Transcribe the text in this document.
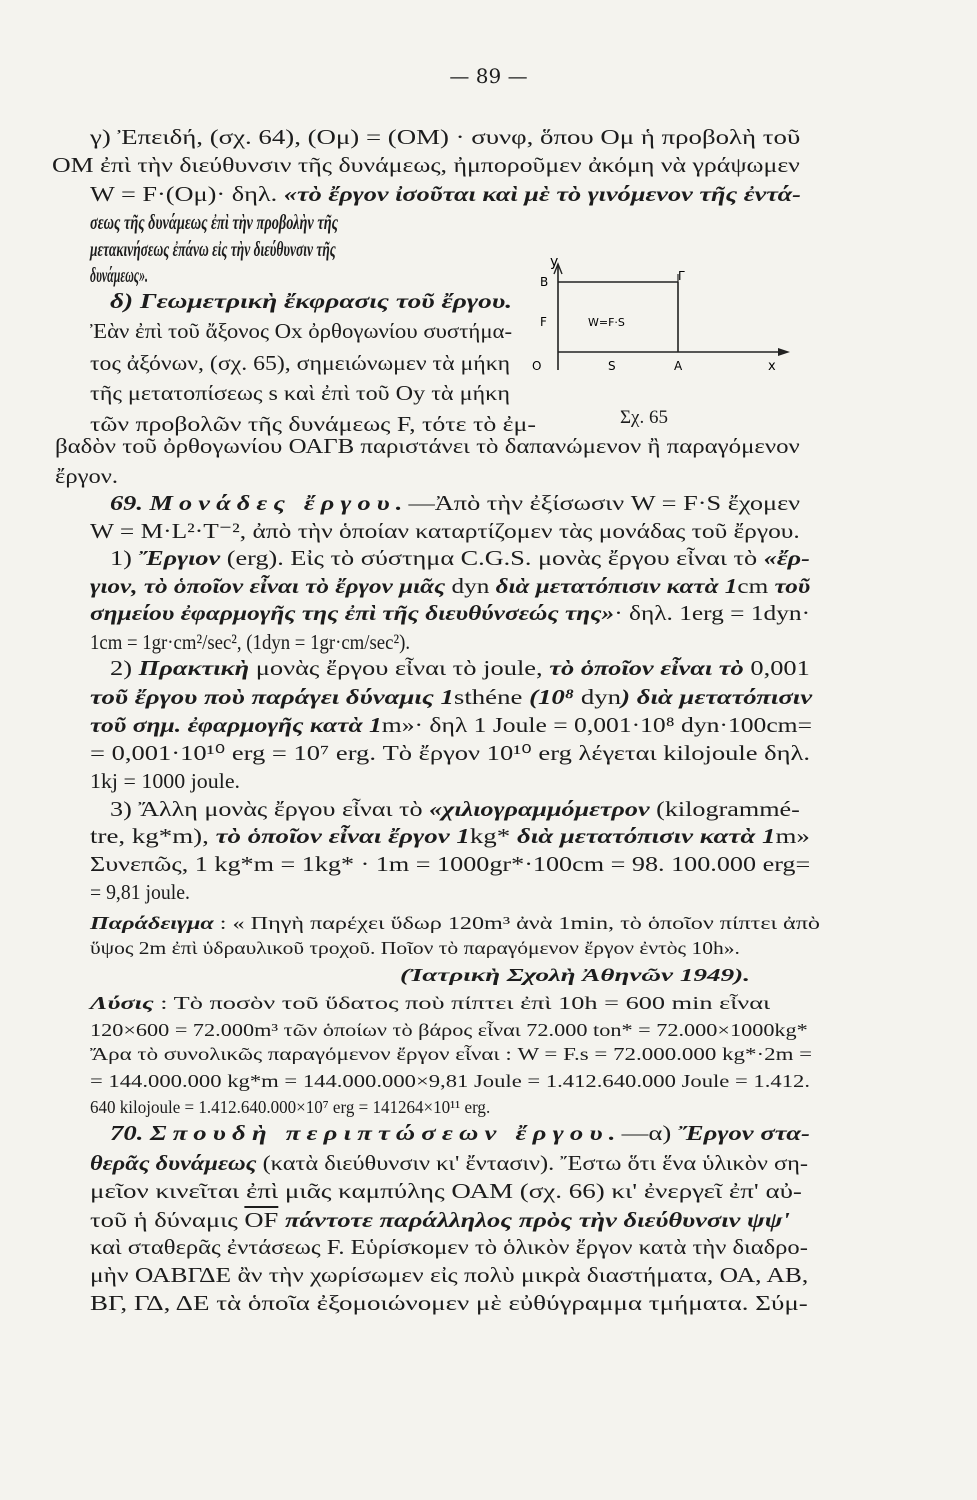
— 89 —
γ) Ἐπειδή, (σχ. 64), (Ομ) = (ΟΜ) · συνφ, ὅπου Ομ ἡ προβολὴ τοῦ
ΟΜ ἐπὶ τὴν διεύθυνσιν τῆς δυνάμεως, ἠμποροῦμεν ἀκόμη νὰ γράψωμεν
W = F·(Ομ)· δηλ. «τὸ ἔργον ἰσοῦται καὶ μὲ τὸ γινόμενον τῆς ἐντά-
σεως τῆς δυνάμεως ἐπὶ τὴν προβολὴν τῆς
μετακινήσεως ἐπάνω εἰς τὴν διεύθυνσιν τῆς
δυνάμεως».
δ) Γεωμετρικὴ ἔκφρασις τοῦ ἔργου.
Ἐὰν ἐπὶ τοῦ ἄξονος Οx ὀρθογωνίου συστήμα-
τος ἀξόνων, (σχ. 65), σημειώνωμεν τὰ μήκη
τῆς μετατοπίσεως s καὶ ἐπὶ τοῦ Οy τὰ μήκη
τῶν προβολῶν τῆς δυνάμεως F, τότε τὸ ἐμ-
βαδὸν τοῦ ὀρθογωνίου ΟΑΓΒ παριστάνει τὸ δαπανώμενον ἢ παραγόμενον
ἔργον.
69. Μονάδες ἔργου.—Ἀπὸ τὴν ἐξίσωσιν W = F·S ἔχομεν
W = M·L²·T⁻², ἀπὸ τὴν ὁποίαν καταρτίζομεν τὰς μονάδας τοῦ ἔργου.
1) Ἔργιον (erg). Εἰς τὸ σύστημα C.G.S. μονὰς ἔργου εἶναι τὸ «ἔρ-
γιον, τὸ ὁποῖον εἶναι τὸ ἔργον μιᾶς dyn διὰ μετατόπισιν κατὰ 1cm τοῦ
σημείου ἐφαρμογῆς της ἐπὶ τῆς διευθύνσεώς της»· δηλ. 1erg = 1dyn·
1cm = 1gr·cm²/sec², (1dyn = 1gr·cm/sec²).
2) Πρακτικὴ μονὰς ἔργου εἶναι τὸ joule, τὸ ὁποῖον εἶναι τὸ 0,001
τοῦ ἔργου ποὺ παράγει δύναμις 1sthéne (10⁸ dyn) διὰ μετατόπισιν
τοῦ σημ. ἐφαρμογῆς κατὰ 1m»· δηλ 1 Joule = 0,001·10⁸ dyn·100cm=
= 0,001·10¹⁰ erg = 10⁷ erg. Τὸ ἔργον 10¹⁰ erg λέγεται kilojoule δηλ.
1kj = 1000 joule.
3) Ἄλλη μονὰς ἔργου εἶναι τὸ «χιλιογραμμόμετρον (kilogrammé-
tre, kg*m), τὸ ὁποῖον εἶναι ἔργον 1kg* διὰ μετατόπισιν κατὰ 1m»
Συνεπῶς, 1 kg*m = 1kg* · 1m = 1000gr*·100cm = 98. 100.000 erg=
= 9,81 joule.
Παράδειγμα : « Πηγὴ παρέχει ὕδωρ 120m³ ἀνὰ 1min, τὸ ὁποῖον πίπτει ἀπὸ
ὕψος 2m ἐπὶ ὑδραυλικοῦ τροχοῦ. Ποῖον τὸ παραγόμενον ἔργον ἐντὸς 10h».
(Ἰατρικὴ Σχολὴ Ἀθηνῶν 1949).
Λύσις : Τὸ ποσὸν τοῦ ὕδατος ποὺ πίπτει ἐπὶ 10h = 600 min εἶναι
120×600 = 72.000m³ τῶν ὁποίων τὸ βάρος εἶναι 72.000 ton* = 72.000×1000kg*
Ἄρα τὸ συνολικῶς παραγόμενον ἔργον εἶναι : W = F.s = 72.000.000 kg*·2m =
= 144.000.000 kg*m = 144.000.000×9,81 Joule = 1.412.640.000 Joule = 1.412.
640 kilojoule = 1.412.640.000×10⁷ erg = 141264×10¹¹ erg.
70. Σπουδὴ περιπτώσεων ἔργου.—α) Ἔργον στα-
θερᾶς δυνάμεως (κατὰ διεύθυνσιν κι' ἔντασιν). Ἔστω ὅτι ἕνα ὑλικὸν ση-
μεῖον κινεῖται ἐπὶ μιᾶς καμπύλης ΟΑΜ (σχ. 66) κι' ἐνεργεῖ ἐπ' αὐ-
τοῦ ἡ δύναμις $\overline{OF}$ πάντοτε παράλληλος πρὸς τὴν διεύθυνσιν ψψ'
καὶ σταθερᾶς ἐντάσεως F. Εὑρίσκομεν τὸ ὁλικὸν ἔργον κατὰ τὴν διαδρο-
μὴν ΟΑΒΓΔΕ ἂν τὴν χωρίσωμεν εἰς πολὺ μικρὰ διαστήματα, ΟΑ, ΑΒ,
ΒΓ, ΓΔ, ΔΕ τὰ ὁποῖα ἐξομοιώνομεν μὲ εὐθύγραμμα τμήματα. Σύμ-
y
B	Γ
F	W=F·S
O	S	A	x
Σχ. 65
